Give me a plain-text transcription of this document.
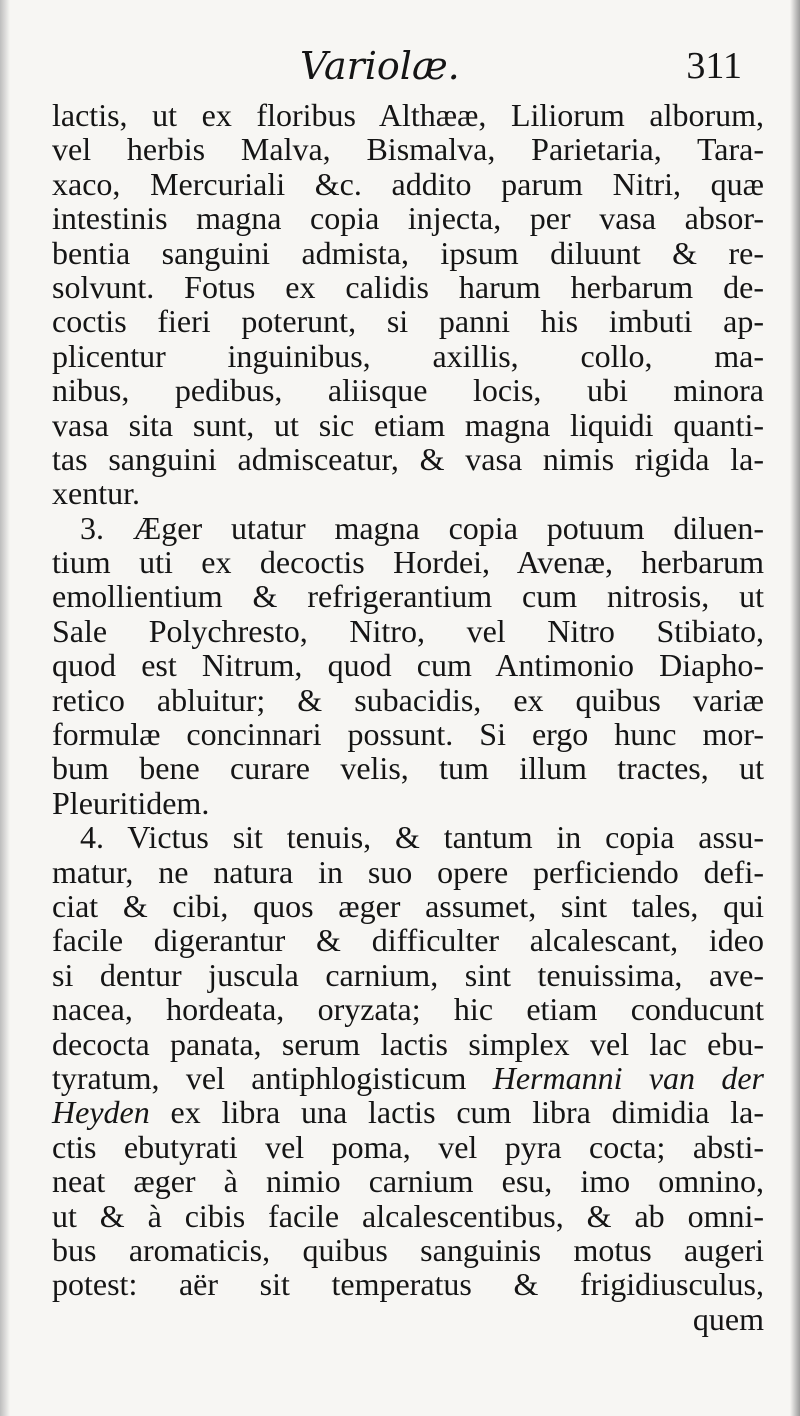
Variolæ.	311
lactis, ut ex floribus Althææ, Liliorum alborum,
vel herbis Malva, Bismalva, Parietaria, Tara-
xaco, Mercuriali &c. addito parum Nitri, quæ
intestinis magna copia injecta, per vasa absor-
bentia sanguini admista, ipsum diluunt & re-
solvunt. Fotus ex calidis harum herbarum de-
coctis fieri poterunt, si panni his imbuti ap-
plicentur inguinibus, axillis, collo, ma-
nibus, pedibus, aliisque locis, ubi minora
vasa sita sunt, ut sic etiam magna liquidi quanti-
tas sanguini admisceatur, & vasa nimis rigida la-
xentur.
3. Æger utatur magna copia potuum diluen-
tium uti ex decoctis Hordei, Avenæ, herbarum
emollientium & refrigerantium cum nitrosis, ut
Sale Polychresto, Nitro, vel Nitro Stibiato,
quod est Nitrum, quod cum Antimonio Diapho-
retico abluitur; & subacidis, ex quibus variæ
formulæ concinnari possunt. Si ergo hunc mor-
bum bene curare velis, tum illum tractes, ut
Pleuritidem.
4. Victus sit tenuis, & tantum in copia assu-
matur, ne natura in suo opere perficiendo defi-
ciat & cibi, quos æger assumet, sint tales, qui
facile digerantur & difficulter alcalescant, ideo
si dentur juscula carnium, sint tenuissima, ave-
nacea, hordeata, oryzata; hic etiam conducunt
decocta panata, serum lactis simplex vel lac ebu-
tyratum, vel antiphlogisticum Hermanni van der
Heyden ex libra una lactis cum libra dimidia la-
ctis ebutyrati vel poma, vel pyra cocta; absti-
neat æger à nimio carnium esu, imo omnino,
ut & à cibis facile alcalescentibus, & ab omni-
bus aromaticis, quibus sanguinis motus augeri
potest: aër sit temperatus & frigidiusculus,
quem
